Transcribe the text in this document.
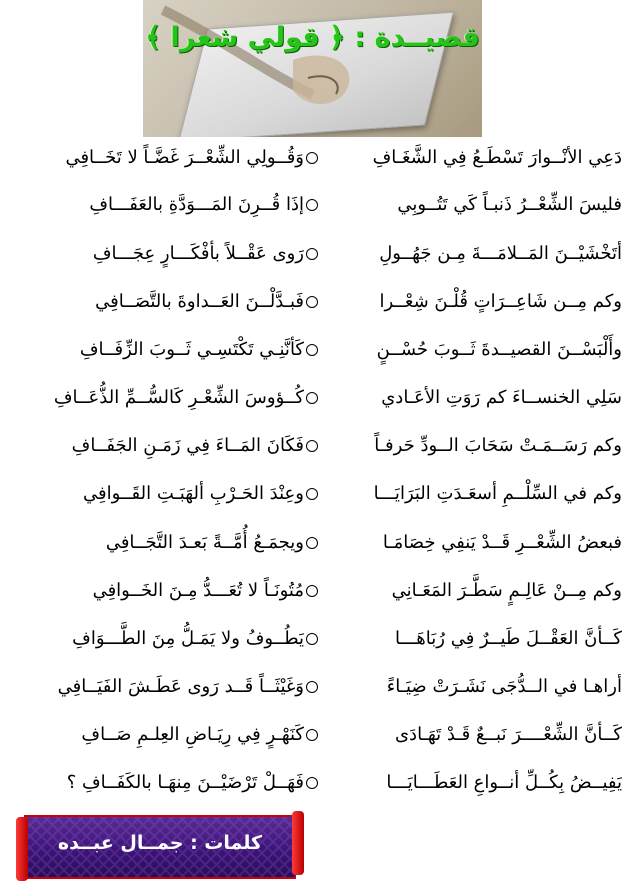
قصيــدة : ﴿ قولي شعرا ﴾
دَعِي الأنْــوارَ تَسْطَـعُ فِي الشَّغَـافِ
وَقُــولِي الشِّعْــرَ غَضَّـاً لا تَخَــافِي
فليسَ الشِّعْــرُ ذَنبـاً كَي تَتُــوبِي
إذَا قُــرِنَ المَـــوَدَّةِ بالعَفَـــافِ
أتَخْشَيْــنَ المَــلامَـــةَ مِـن جَهُــولِ
رَوى عَقْــلاً بأفْكَـــارٍ عِجَـــافِ
وكم مِــن شَاعِــرَاتٍ قُلْـنَ شِعْــرا
فَبـدَّلْــنَ العَــداوةَ بالتَّصَــافِي
وأَلْبَسْــنَ القصيــدةَ ثَــوبَ حُسْــنٍ
كَأنَّنِـي تَكْتَسِـي ثَــوبَ الزِّفَــافِ
سَلِي الخنســاءَ كم رَوَتِ الأعَـادي
كُــؤوسَ الشِّعْـرِ كَالسُّــمِّ الذُّعَــافِ
وكم رَسَــمَـتْ سَحَابَ الــودِّ حَرفـاً
فَكَانَ المَــاءَ فِي زَمَـنِ الجَفَــافِ
وكم في السِّلْــمِ أسعَـدَتِ البَرَايَـــا
وعِنْدَ الحَـرْبِ ألهَبَـتِ القَــوافِي
فبعضُ الشِّعْــرِ قَــدْ يَنفِي خِصَامَـا
ويجمَـعُ أُمَّــةً بَعـدَ التَّجَــافِي
وكم مِــنْ عَالِـمٍ سَطَّـرَ المَعَـانِي
مُتُونَـاً لا تُعَـــدُّ مِـنَ الخَــوافِي
كَــأنَّ العَقْــلَ طَيــرٌ فِي رُبَاهَـــا
يَطُــوفُ ولا يَمَـلُّ مِنَ الطَّـــوَافِ
أراهـا في الــدُّجَى نَشَـرَتْ ضِيَـاءً
وَغَيْثَــاً قَــد رَوى عَطَـشَ الفَيَــافِي
كَــأنَّ الشِّعْــــرَ نَبــعٌ قَـدْ تَهَـادَى
كَنَهْـرٍ فِي رِيَـاضِ العِلـمِ صَــافِ
يَفِيــضُ بِكُــلِّ أنــواعِ العَطَـــايَـــا
فَهَــلْ تَرْضَيْــنَ مِنهَـا بالكَفَــافِ ؟
كلمات : جمــال عبــده
